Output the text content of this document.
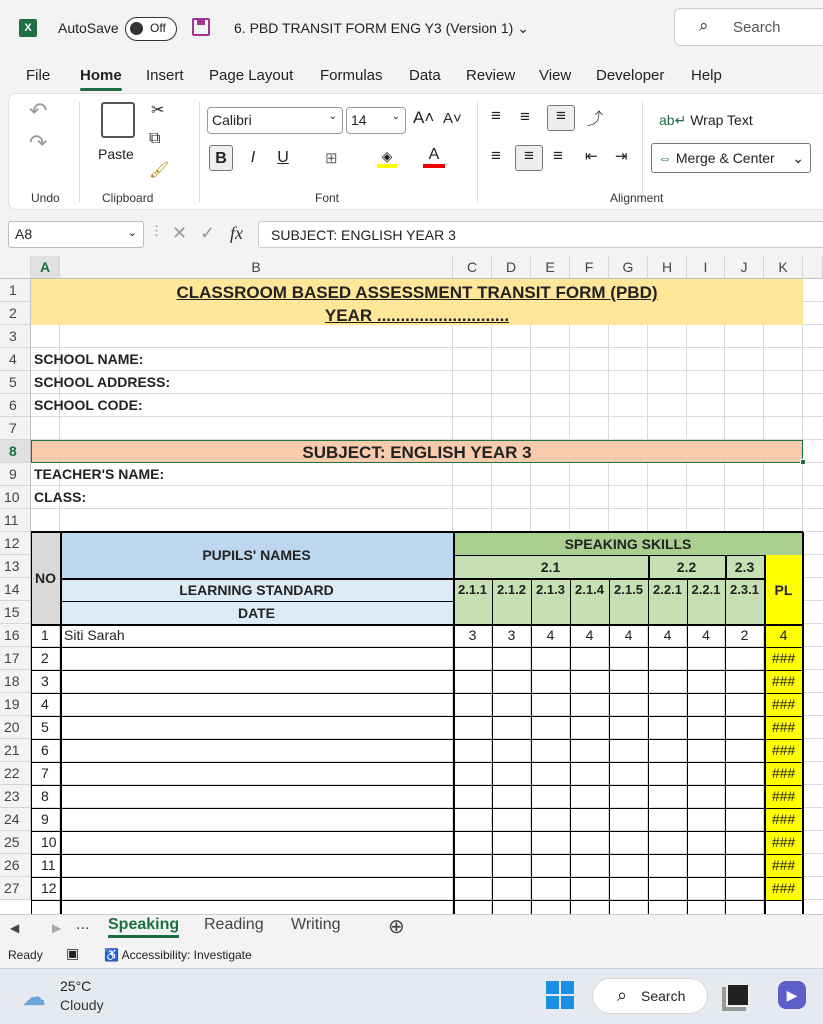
X	AutoSave	Off	6. PBD TRANSIT FORM ENG Y3 (Version 1) ⌄	⌕ Search
File Home Insert Page Layout Formulas Data Review View Developer Help
↶
↷
Undo
Paste
✂
⧉
🖌
Clipboard
Calibri	⌄	14	⌄ A˄ A˅
B	I	U	⊞	◈	A
Font
≡ ≡	≡	⤴
≡	≡	≡ ⇤ ⇥
ab↵ Wrap Text
⇔ Merge & Center ⌄
Alignment
A8	⌄ ⋮ ✕ ✓ fx	SUBJECT: ENGLISH YEAR 3
A	B	C	D	E	F	G	H	I	J	K
1
2
3
4
5
6
7
8
9
10
11
12
13
14
15
16
17
18
19
20
21
22
23
24
25
26
27
CLASSROOM BASED ASSESSMENT TRANSIT FORM (PBD)
YEAR ............................
SCHOOL NAME:
SCHOOL ADDRESS:
SCHOOL CODE:
SUBJECT: ENGLISH YEAR 3
TEACHER'S NAME:
CLASS:
NO
PUPILS' NAMES
LEARNING STANDARD
DATE
SPEAKING SKILLS
2.1	2.2	2.3
PL
2.1.1 2.1.2 2.1.3 2.1.4 2.1.5 2.2.1 2.2.1 2.3.1
1	Siti Sarah	3	3	4	4	4	4	4	2	4
2	###
3	###
4	###
5	###
6	###
7	###
8	###
9	###
10	###
11	###
12	###
◀	▶ ... Speaking Reading Writing ⊕
Ready ▣ ♿ Accessibility: Investigate
☁ 25°C
Cloudy	⌕ Search	▶
